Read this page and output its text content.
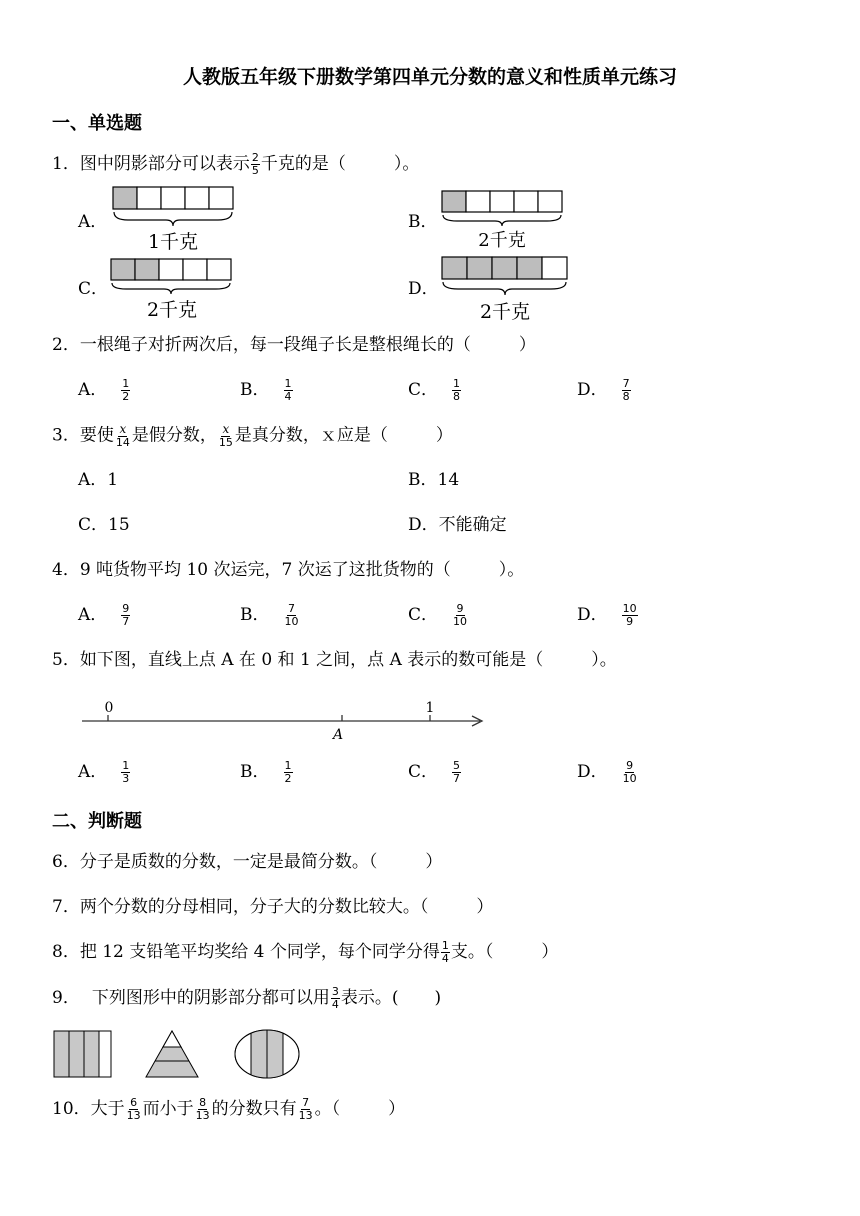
人教版五年级下册数学第四单元分数的意义和性质单元练习
一、单选题
1．图中阴影部分可以表示 $\frac{2}{5}$ 千克的是（	）。
A．
1千克
B．
2千克
C．
2千克
D．
2千克
2．一根绳子对折两次后，每一段绳子长是整根绳长的（	）
A． $\frac{1}{2}$	B． $\frac{1}{4}$	C． $\frac{1}{8}$	D． $\frac{7}{8}$
3．要使 $\frac{x}{14}$ 是假分数， $\frac{x}{15}$ 是真分数，ｘ应是（	）
A．1	B．14
C．15	D．不能确定
4．9 吨货物平均 10 次运完，7 次运了这批货物的（	）。
A． $\frac{9}{7}$	B． $\frac{7}{10}$	C． $\frac{9}{10}$	D． $\frac{10}{9}$
5．如下图，直线上点 A 在 0 和 1 之间，点 A 表示的数可能是（	）。
0	1
A
A． $\frac{1}{3}$	B． $\frac{1}{2}$	C． $\frac{5}{7}$	D． $\frac{9}{10}$
二、判断题
6．分子是质数的分数，一定是最简分数。（	）
7．两个分数的分母相同，分子大的分数比较大。（	）
8．把 12 支铅笔平均奖给 4 个同学，每个同学分得 $\frac{1}{4}$ 支。（	）
9． 下列图形中的阴影部分都可以用 $\frac{3}{4}$ 表示。( )
10．大于 $\frac{6}{13}$ 而小于 $\frac{8}{13}$ 的分数只有 $\frac{7}{13}$ 。（	）
